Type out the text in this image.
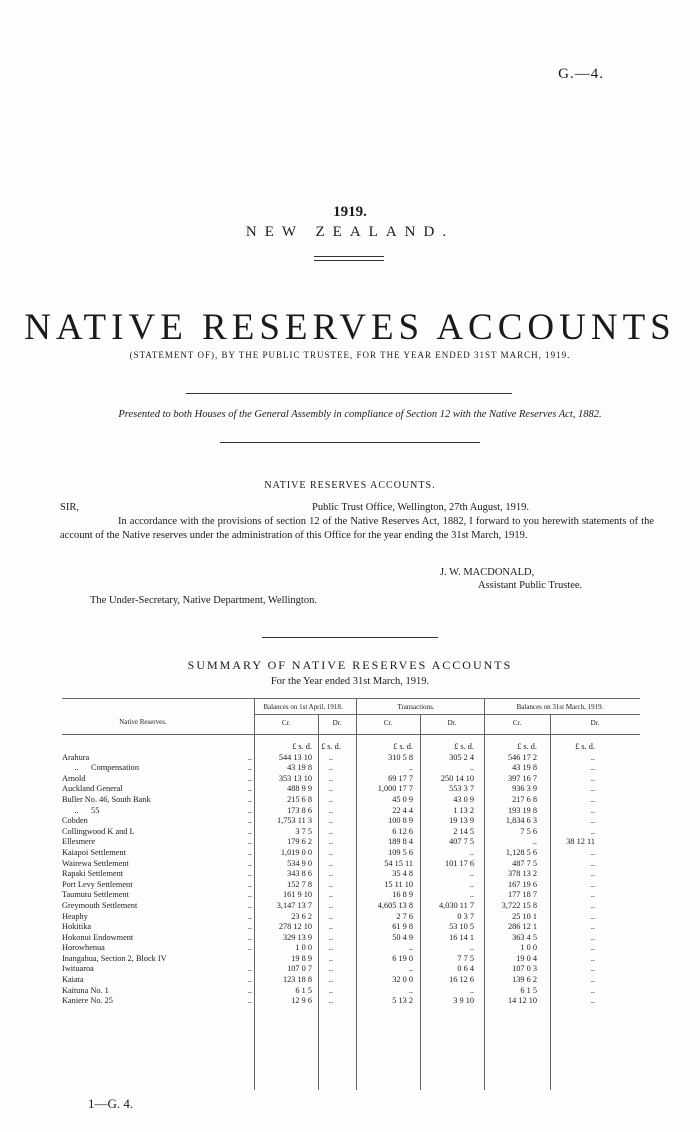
G.—4.
1919.
NEW ZEALAND.
NATIVE RESERVES ACCOUNTS
(STATEMENT OF), BY THE PUBLIC TRUSTEE, FOR THE YEAR ENDED 31ST MARCH, 1919.
Presented to both Houses of the General Assembly in compliance of Section 12 with the Native Reserves Act, 1882.
NATIVE RESERVES ACCOUNTS.
SIR,	Public Trust Office, Wellington, 27th August, 1919.
In accordance with the provisions of section 12 of the Native Reserves Act, 1882, I forward to you herewith statements of the account of the Native reserves under the administration of this Office for the year ending the 31st March, 1919.
J. W. MACDONALD,
Assistant Public Trustee.
The Under-Secretary, Native Department, Wellington.
SUMMARY OF NATIVE RESERVES ACCOUNTS
For the Year ended 31st March, 1919.
Native Reserves.
Balances on 1st April, 1918.	Transactions.	Balances on 31st March, 1919.
Cr.	Dr.	Cr.	Dr.	Cr.	Dr.
		£ s. d.	£ s. d.	£ s. d.	£ s. d.	£ s. d.	£ s. d.
Arahura	..	544 13 10	..	310 5 8	305 2 4	546 17 2	..
..      Compensation	..	43 19 8	..	..	..	43 19 8	..
Arnold	..	353 13 10	..	69 17 7	250 14 10	397 16 7	..
Auckland General	..	488 9 9	..	1,000 17 7	553 3 7	936 3 9	..
Buller No. 46, South Bank	..	215 6 8	..	45 0 9	43 0 9	217 6 8	..
..      55	..	173 8 6	..	22 4 4	1 13 2	193 19 8	..
Cobden	..	1,753 11 3	..	100 8 9	19 13 9	1,834 6 3	..
Collingwood K and L	..	3 7 5	..	6 12 6	2 14 5	7 5 6	..
Ellesmere	..	179 6 2	..	189 8 4	407 7 5	..	38 12 11
Kaiapoi Settlement	..	1,019 0 0	..	109 5 6	..	1,128 5 6	..
Wairewa Settlement	..	534 9 0	..	54 15 11	101 17 6	487 7 5	..
Rapaki Settlement	..	343 8 6	..	35 4 8	..	378 13 2	..
Port Levy Settlement	..	152 7 8	..	15 11 10	..	167 19 6	..
Taumutu Settlement	..	161 9 10	..	16 8 9	..	177 18 7	..
Greymouth Settlement	..	3,147 13 7	..	4,605 13 8	4,030 11 7	3,722 15 8	..
Heaphy	..	23 6 2	..	2 7 6	0 3 7	25 10 1	..
Hokitika	..	278 12 10	..	61 9 8	53 10 5	286 12 1	..
Hokonui Endowment	..	329 13 9	..	50 4 9	16 14 1	363 4 5	..
Horowhenua	..	1 0 0	..	..	..	1 0 0	..
Inangahua, Section 2, Block IV		19 8 9	..	6 19 0	7 7 5	19 0 4	..
Iwituaroa	..	107 0 7	..	..	0 6 4	107 0 3	..
Kaiata	..	123 18 8	..	32 0 0	16 12 6	139 6 2	..
Kaituna No. 1	..	6 1 5	..	..	..	6 1 5	..
Kaniere No. 25	..	12 9 6	..	5 13 2	3 9 10	14 12 10	..
1—G. 4.
